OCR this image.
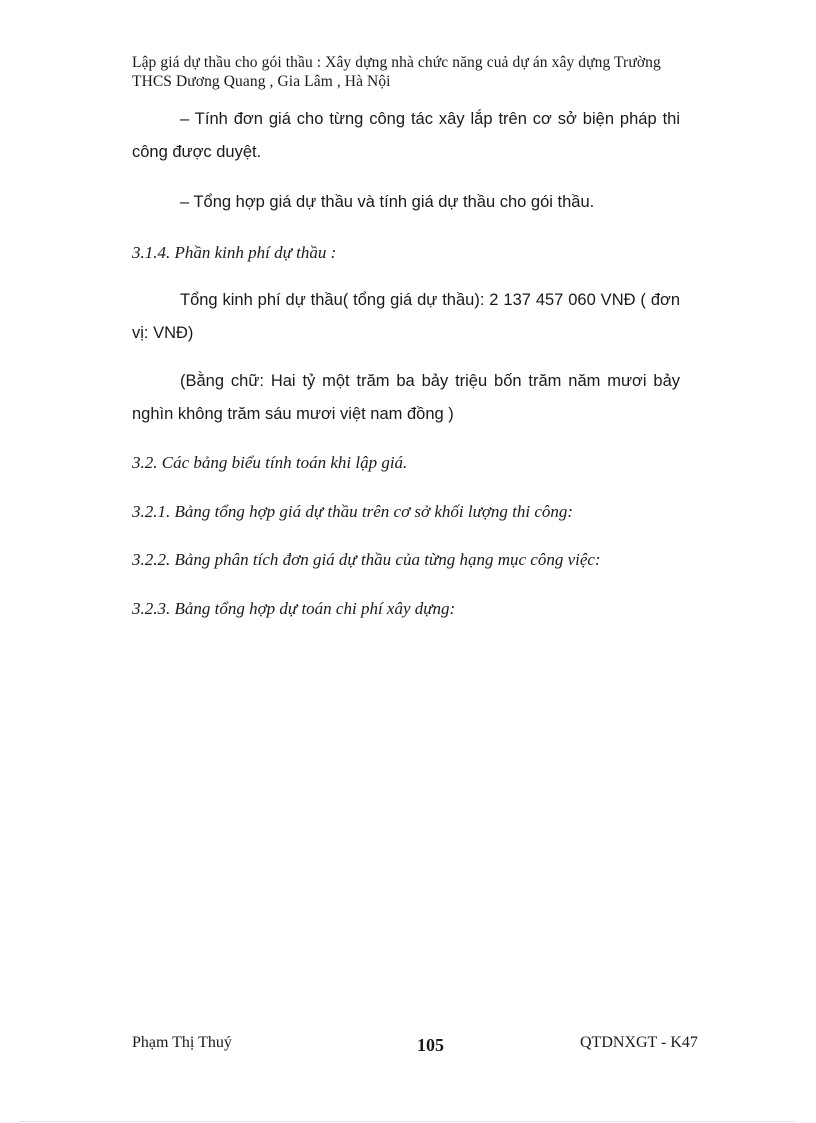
Lập giá dự thầu cho gói thầu : Xây dựng nhà chức năng cuả dự án xây dựng Trường THCS Dương Quang , Gia Lâm , Hà Nội

– Tính đơn giá cho từng công tác xây lắp trên cơ sở biện pháp thi công được duyệt.

– Tổng hợp giá dự thầu và tính giá dự thầu cho gói thầu.

3.1.4. Phần kinh phí dự thầu :

Tổng kinh phí dự thầu( tổng giá dự thầu): 2 137 457 060 VNĐ ( đơn vị: VNĐ)

(Bằng chữ: Hai tỷ một trăm ba bảy triệu bốn trăm năm mươi bảy nghìn không trăm sáu mươi việt nam đồng )

3.2. Các bảng biểu tính toán khi lập giá.
3.2.1. Bảng tổng hợp giá dự thầu trên cơ sở khối lượng thi công:
3.2.2. Bảng phân tích đơn giá dự thầu của từng hạng mục công việc:
3.2.3. Bảng tổng hợp dự toán chi phí xây dựng:
Phạm Thị Thuý	105	QTDNXGT - K47
